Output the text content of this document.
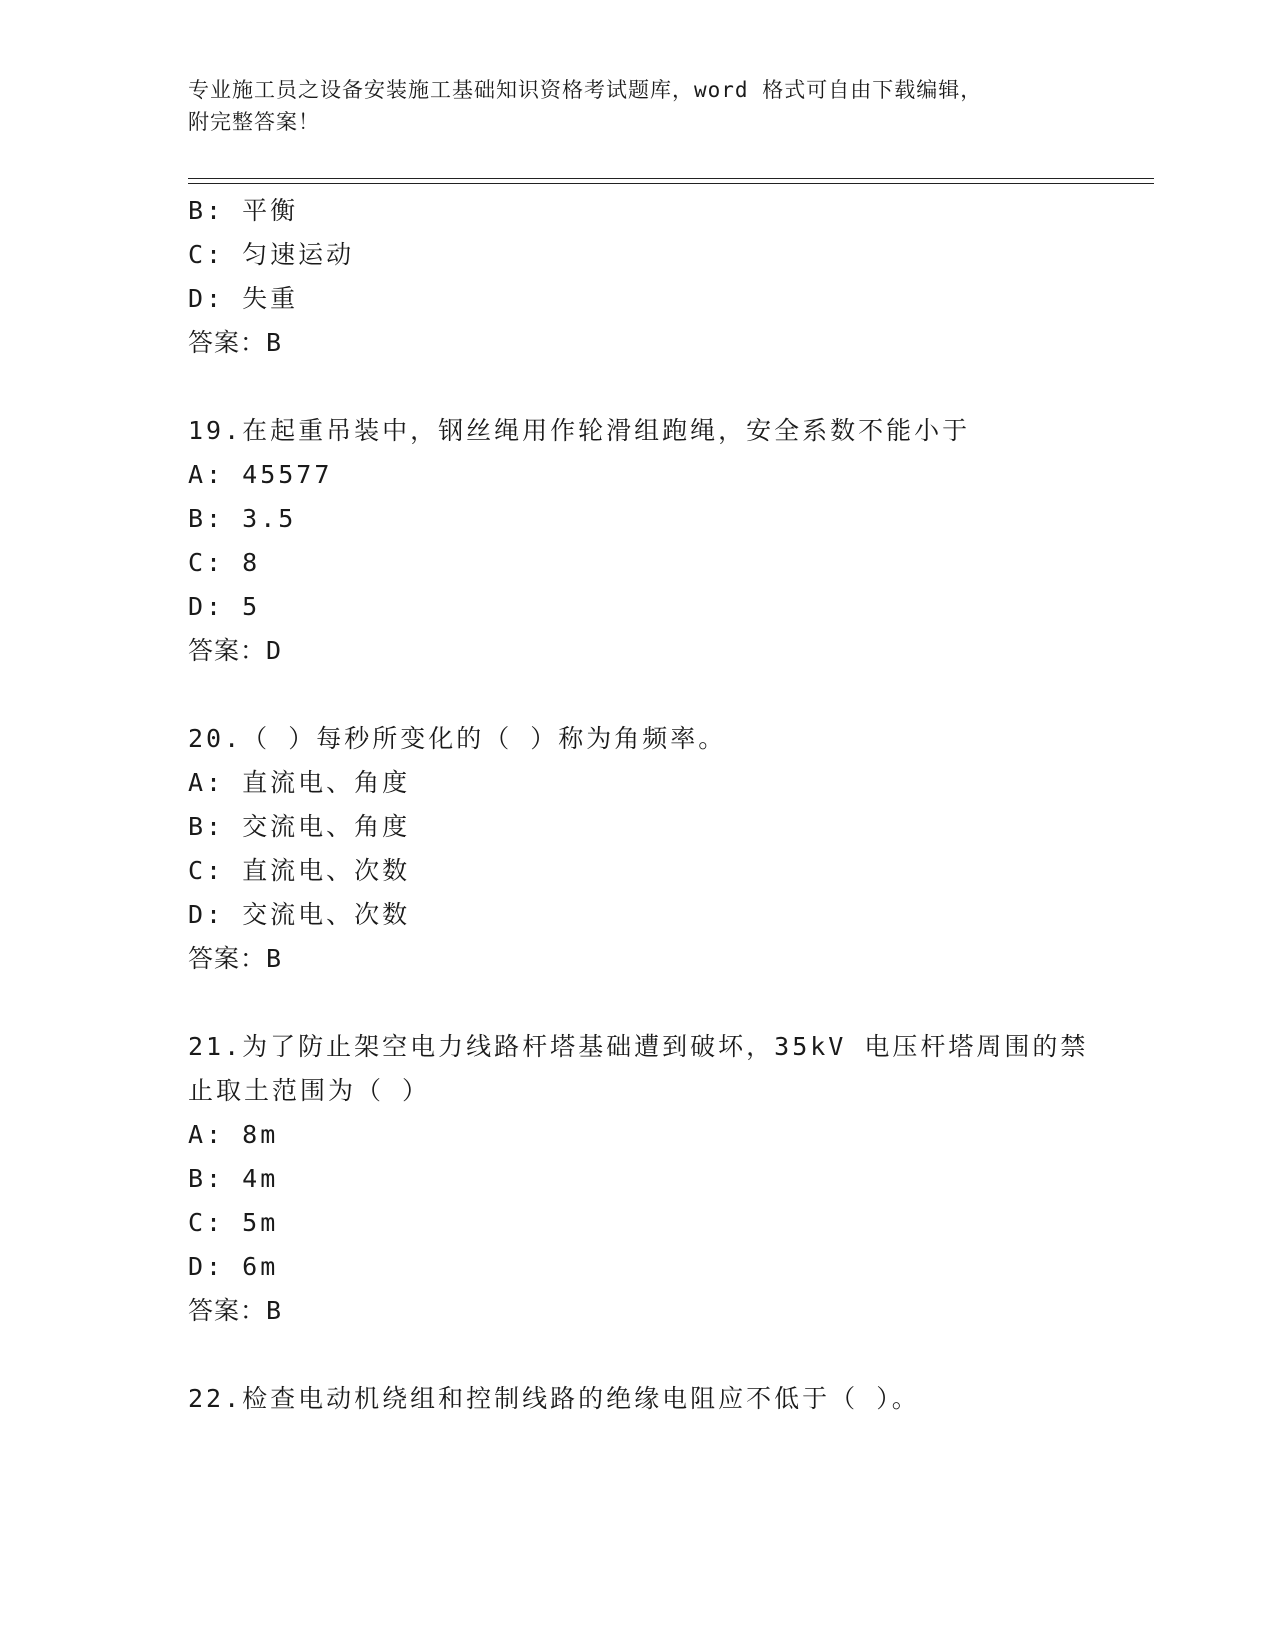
专业施工员之设备安装施工基础知识资格考试题库，word 格式可自由下载编辑，
附完整答案！
B: 平衡
C: 匀速运动
D: 失重
答案：B
19.在起重吊装中，钢丝绳用作轮滑组跑绳，安全系数不能小于
A: 45577
B: 3.5
C: 8
D: 5
答案：D
20.（ ）每秒所变化的（ ）称为角频率。
A: 直流电、角度
B: 交流电、角度
C: 直流电、次数
D: 交流电、次数
答案：B
21.为了防止架空电力线路杆塔基础遭到破坏，35kV 电压杆塔周围的禁
止取土范围为（ ）
A: 8m
B: 4m
C: 5m
D: 6m
答案：B
22.检查电动机绕组和控制线路的绝缘电阻应不低于（ ）。
